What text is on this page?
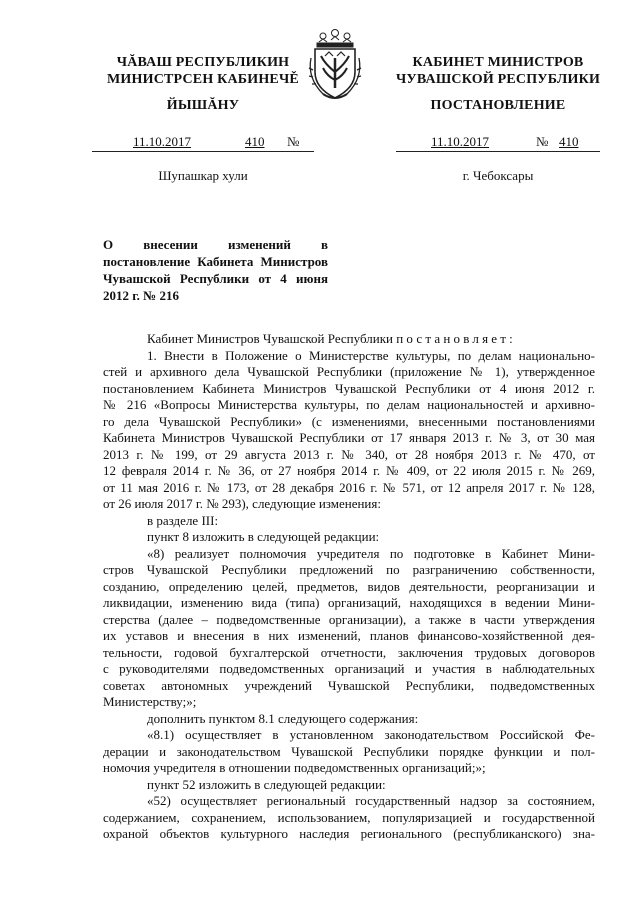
ЧĂВАШ РЕСПУБЛИКИН
МИНИСТРСЕН КАБИНЕЧĚ
ЙЫШĂНУ
КАБИНЕТ МИНИСТРОВ
ЧУВАШСКОЙ РЕСПУБЛИКИ
ПОСТАНОВЛЕНИЕ
11.10.2017	410 №	11.10.2017	№ 410
Шупашкар хули	г. Чебоксары
О внесении изменений в постановление Кабинета Министров Чувашской Республики от 4 июня 2012 г. № 216

Кабинет Министров Чувашской Республики постановляет:

1. Внести в Положение о Министерстве культуры, по делам национально-

стей и архивного дела Чувашской Республики (приложение № 1), утвержденное

постановлением Кабинета Министров Чувашской Республики от 4 июня 2012 г.

№ 216 «Вопросы Министерства культуры, по делам национальностей и архивно-

го дела Чувашской Республики» (с изменениями, внесенными постановлениями

Кабинета Министров Чувашской Республики от 17 января 2013 г. № 3, от 30 мая

2013 г. № 199, от 29 августа 2013 г. № 340, от 28 ноября 2013 г. № 470, от

12 февраля 2014 г. № 36, от 27 ноября 2014 г. № 409, от 22 июля 2015 г. № 269,

от 11 мая 2016 г. № 173, от 28 декабря 2016 г. № 571, от 12 апреля 2017 г. № 128,

от 26 июля 2017 г. № 293), следующие изменения:

в разделе III:

пункт 8 изложить в следующей редакции:

«8) реализует полномочия учредителя по подготовке в Кабинет Мини-

стров Чувашской Республики предложений по разграничению собственности,

созданию, определению целей, предметов, видов деятельности, реорганизации и

ликвидации, изменению вида (типа) организаций, находящихся в ведении Мини-

стерства (далее – подведомственные организации), а также в части утверждения

их уставов и внесения в них изменений, планов финансово-хозяйственной дея-

тельности, годовой бухгалтерской отчетности, заключения трудовых договоров

с руководителями подведомственных организаций и участия в наблюдательных

советах автономных учреждений Чувашской Республики, подведомственных

Министерству;»;

дополнить пунктом 8.1 следующего содержания:

«8.1) осуществляет в установленном законодательством Российской Фе-

дерации и законодательством Чувашской Республики порядке функции и пол-

номочия учредителя в отношении подведомственных организаций;»;

пункт 52 изложить в следующей редакции:

«52) осуществляет региональный государственный надзор за состоянием,

содержанием, сохранением, использованием, популяризацией и государственной

охраной объектов культурного наследия регионального (республиканского) зна-
